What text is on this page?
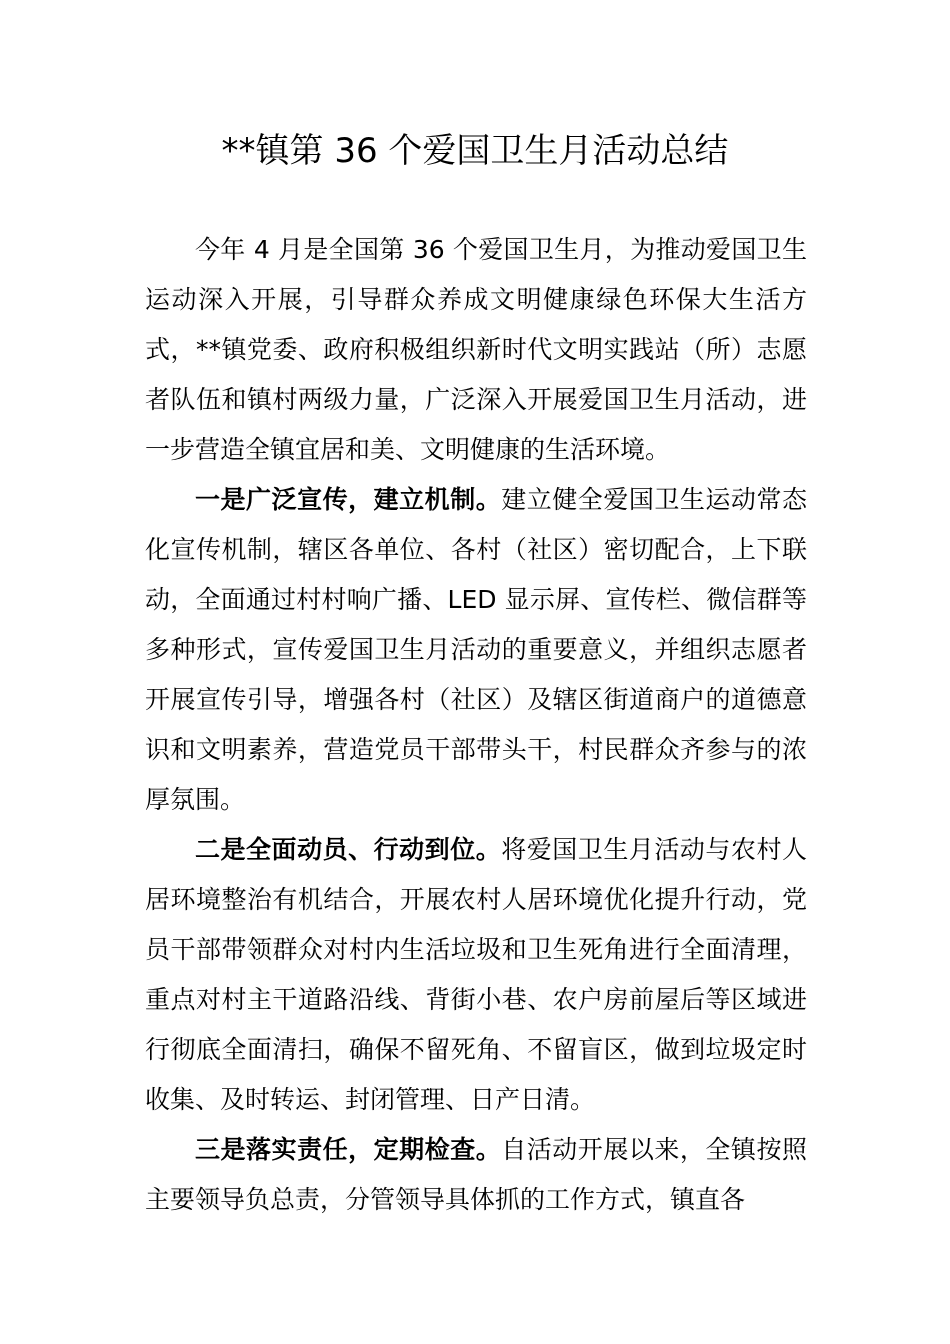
**镇第 36 个爱国卫生月活动总结

今年 4 月是全国第 36 个爱国卫生月，为推动爱国卫生运动深入开展，引导群众养成文明健康绿色环保大生活方式，**镇党委、政府积极组织新时代文明实践站（所）志愿者队伍和镇村两级力量，广泛深入开展爱国卫生月活动，进一步营造全镇宜居和美、文明健康的生活环境。

一是广泛宣传，建立机制。建立健全爱国卫生运动常态化宣传机制，辖区各单位、各村（社区）密切配合，上下联动，全面通过村村响广播、LED 显示屏、宣传栏、微信群等多种形式，宣传爱国卫生月活动的重要意义，并组织志愿者开展宣传引导，增强各村（社区）及辖区街道商户的道德意识和文明素养，营造党员干部带头干，村民群众齐参与的浓厚氛围。

二是全面动员、行动到位。将爱国卫生月活动与农村人居环境整治有机结合，开展农村人居环境优化提升行动，党员干部带领群众对村内生活垃圾和卫生死角进行全面清理，重点对村主干道路沿线、背街小巷、农户房前屋后等区域进行彻底全面清扫，确保不留死角、不留盲区，做到垃圾定时收集、及时转运、封闭管理、日产日清。

三是落实责任，定期检查。自活动开展以来，全镇按照主要领导负总责，分管领导具体抓的工作方式，镇直各
